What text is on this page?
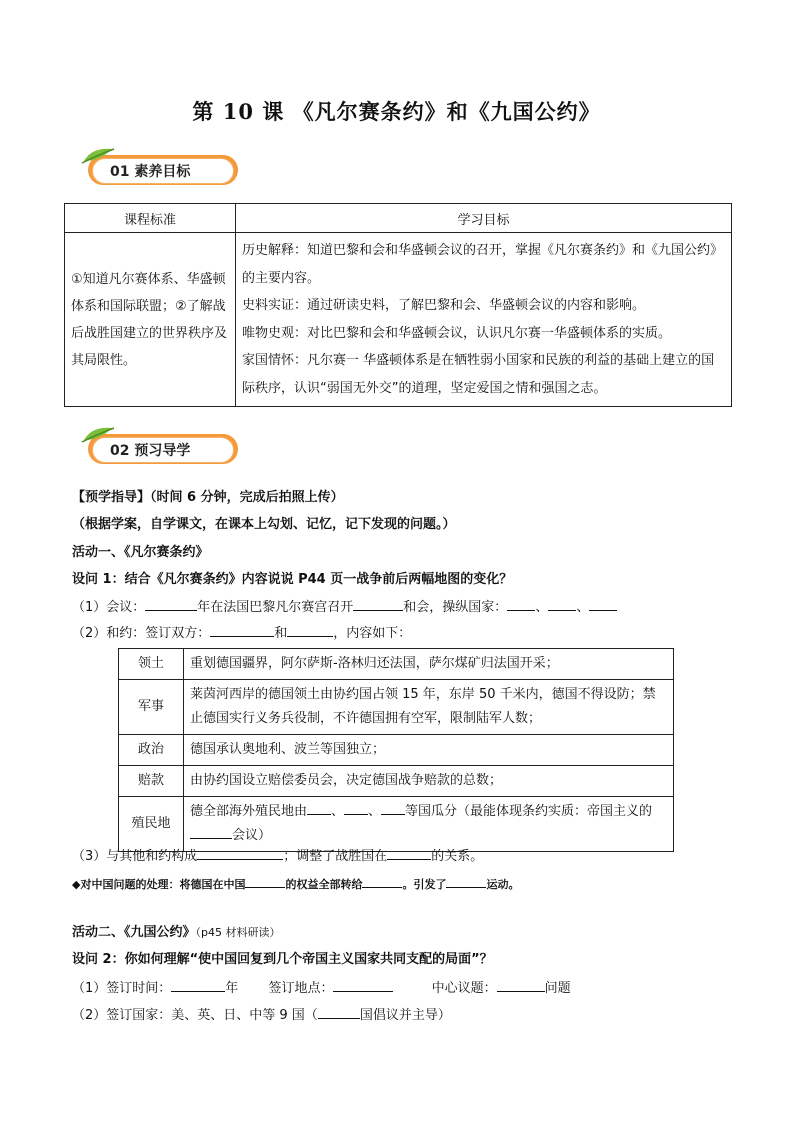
第 10 课 《凡尔赛条约》和《九国公约》
01 素养目标
课程标准	学习目标
①知道凡尔赛体系、华盛顿体系和国际联盟；②了解战后战胜国建立的世界秩序及其局限性。	历史解释：知道巴黎和会和华盛顿会议的召开，掌握《凡尔赛条约》和《九国公约》的主要内容。
史料实证：通过研读史料，了解巴黎和会、华盛顿会议的内容和影响。
唯物史观：对比巴黎和会和华盛顿会议，认识凡尔赛一华盛顿体系的实质。
家国情怀：凡尔赛一 华盛顿体系是在牺牲弱小国家和民族的利益的基础上建立的国际秩序，认识“弱国无外交”的道理，坚定爱国之情和强国之志。
02 预习导学
【预学指导】（时间 6 分钟，完成后拍照上传）
（根据学案，自学课文，在课本上勾划、记忆，记下发现的问题。）
活动一、《凡尔赛条约》
设问 1：结合《凡尔赛条约》内容说说 P44 页一战争前后两幅地图的变化？
（1）会议：	年在法国巴黎凡尔赛宫召开	和会，操纵国家： 、 、
（2）和约：签订双方：	和	，内容如下：
领土	重划德国疆界，阿尔萨斯-洛林归还法国，萨尔煤矿归法国开采；
军事	莱茵河西岸的德国领土由协约国占领 15 年，东岸 50 千米内，德国不得设防；禁止德国实行义务兵役制，不许德国拥有空军，限制陆军人数；
政治	德国承认奥地利、波兰等国独立；
赔款	由协约国设立赔偿委员会，决定德国战争赔款的总数；
殖民地	德全部海外殖民地由 、 、 等国瓜分（最能体现条约实质：帝国主义的会议）
（3）与其他和约构成	；调整了战胜国在	的关系。
◆对中国问题的处理：将德国在中国	的权益全部转给	。引发了	运动。
活动二、《九国公约》（p45 材料研读）
设问 2：你如何理解“使中国回复到几个帝国主义国家共同支配的局面”？
（1）签订时间：	年 签订地点：	中心议题：	问题
（2）签订国家：美、英、日、中等 9 国（	国倡议并主导）
